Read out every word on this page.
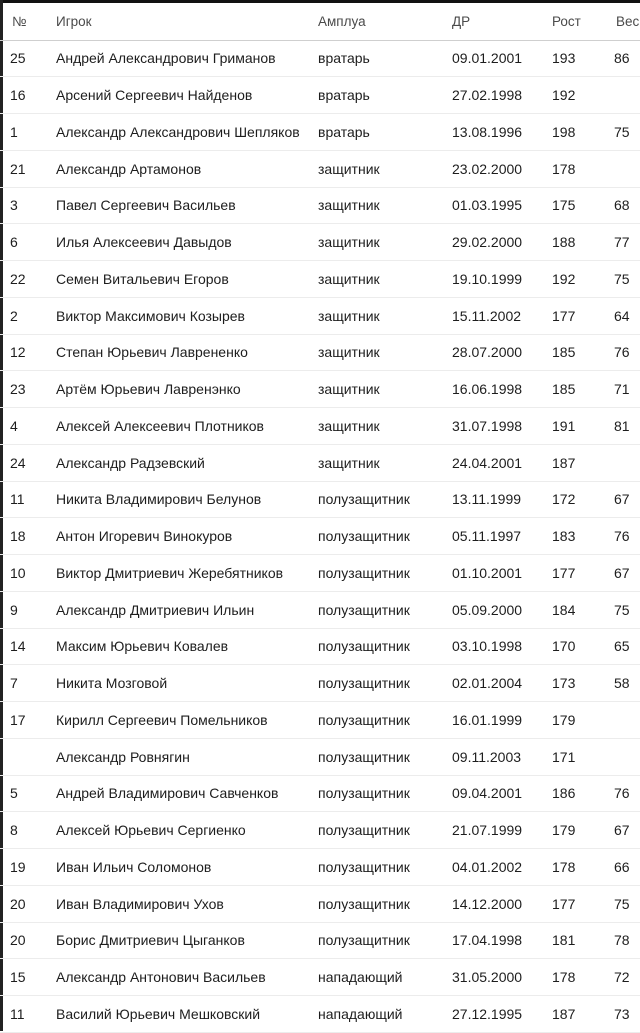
№	Игрок	Амплуа	ДР	Рост	Вес
25	Андрей Александрович Гриманов	вратарь	09.01.2001	193	86
16	Арсений Сергеевич Найденов	вратарь	27.02.1998	192	
1	Александр Александрович Шепляков	вратарь	13.08.1996	198	75
21	Александр Артамонов	защитник	23.02.2000	178	
3	Павел Сергеевич Васильев	защитник	01.03.1995	175	68
6	Илья Алексеевич Давыдов	защитник	29.02.2000	188	77
22	Семен Витальевич Егоров	защитник	19.10.1999	192	75
2	Виктор Максимович Козырев	защитник	15.11.2002	177	64
12	Степан Юрьевич Лаврененко	защитник	28.07.2000	185	76
23	Артём Юрьевич Лавренэнко	защитник	16.06.1998	185	71
4	Алексей Алексеевич Плотников	защитник	31.07.1998	191	81
24	Александр Радзевский	защитник	24.04.2001	187	
11	Никита Владимирович Белунов	полузащитник	13.11.1999	172	67
18	Антон Игоревич Винокуров	полузащитник	05.11.1997	183	76
10	Виктор Дмитриевич Жеребятников	полузащитник	01.10.2001	177	67
9	Александр Дмитриевич Ильин	полузащитник	05.09.2000	184	75
14	Максим Юрьевич Ковалев	полузащитник	03.10.1998	170	65
7	Никита Мозговой	полузащитник	02.01.2004	173	58
17	Кирилл Сергеевич Помельников	полузащитник	16.01.1999	179	
	Александр Ровнягин	полузащитник	09.11.2003	171	
5	Андрей Владимирович Савченков	полузащитник	09.04.2001	186	76
8	Алексей Юрьевич Сергиенко	полузащитник	21.07.1999	179	67
19	Иван Ильич Соломонов	полузащитник	04.01.2002	178	66
20	Иван Владимирович Ухов	полузащитник	14.12.2000	177	75
20	Борис Дмитриевич Цыганков	полузащитник	17.04.1998	181	78
15	Александр Антонович Васильев	нападающий	31.05.2000	178	72
11	Василий Юрьевич Мешковский	нападающий	27.12.1995	187	73
